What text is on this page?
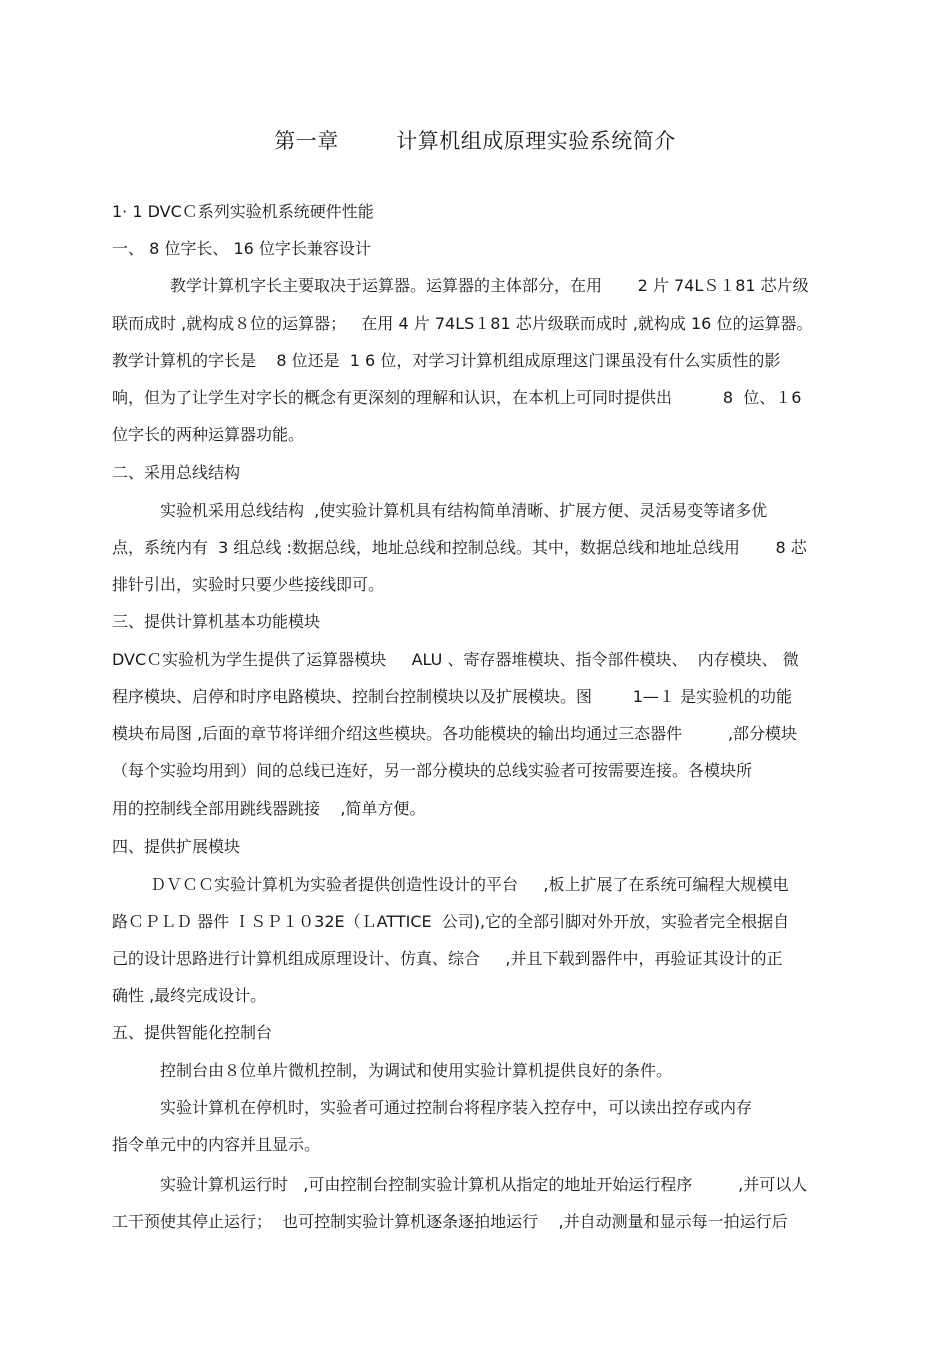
第一章        计算机组成原理实验系统简介
1· 1 DVCＣ系列实验机系统硬件性能
一、 8 位字长、 16 位字长兼容设计
教学计算机字长主要取决于运算器。运算器的主体部分，在用       2 片 74LＳ１81 芯片级
联而成时 ,就构成８位的运算器；   在用 4 片 74LS１81 芯片级联而成时 ,就构成 16 位的运算器。
教学计算机的字长是    8 位还是  1 6 位，对学习计算机组成原理这门课虽没有什么实质性的影
响，但为了让学生对字长的概念有更深刻的理解和认识，在本机上可同时提供出          8  位、１6
位字长的两种运算器功能。
二、采用总线结构
实验机采用总线结构  ,使实验计算机具有结构简单清晰、扩展方便、灵活易变等诸多优
点，系统内有  3 组总线 :数据总线，地址总线和控制总线。其中，数据总线和地址总线用       8 芯
排针引出，实验时只要少些接线即可。
三、提供计算机基本功能模块
DVCＣ实验机为学生提供了运算器模块     ALU 、寄存器堆模块、指令部件模块、  内存模块、 微
程序模块、启停和时序电路模块、控制台控制模块以及扩展模块。图        1—１ 是实验机的功能
模块布局图 ,后面的章节将详细介绍这些模块。各功能模块的输出均通过三态器件         ,部分模块
（每个实验均用到）间的总线已连好，另一部分模块的总线实验者可按需要连接。各模块所
用的控制线全部用跳线器跳接    ,简单方便。
四、提供扩展模块
ＤＶＣＣ实验计算机为实验者提供创造性设计的平台     ,板上扩展了在系统可编程大规模电
路ＣＰＬＤ 器件 ＩＳＰ１０32E（ＬATTICE  公司),它的全部引脚对外开放，实验者完全根据自
己的设计思路进行计算机组成原理设计、仿真、综合     ,并且下载到器件中，再验证其设计的正
确性 ,最终完成设计。
五、提供智能化控制台
控制台由８位单片微机控制，为调试和使用实验计算机提供良好的条件。
实验计算机在停机时，实验者可通过控制台将程序装入控存中，可以读出控存或内存
指令单元中的内容并且显示。
实验计算机运行时   ,可由控制台控制实验计算机从指定的地址开始运行程序         ,并可以人
工干预使其停止运行；  也可控制实验计算机逐条逐拍地运行    ,并自动测量和显示每一拍运行后
